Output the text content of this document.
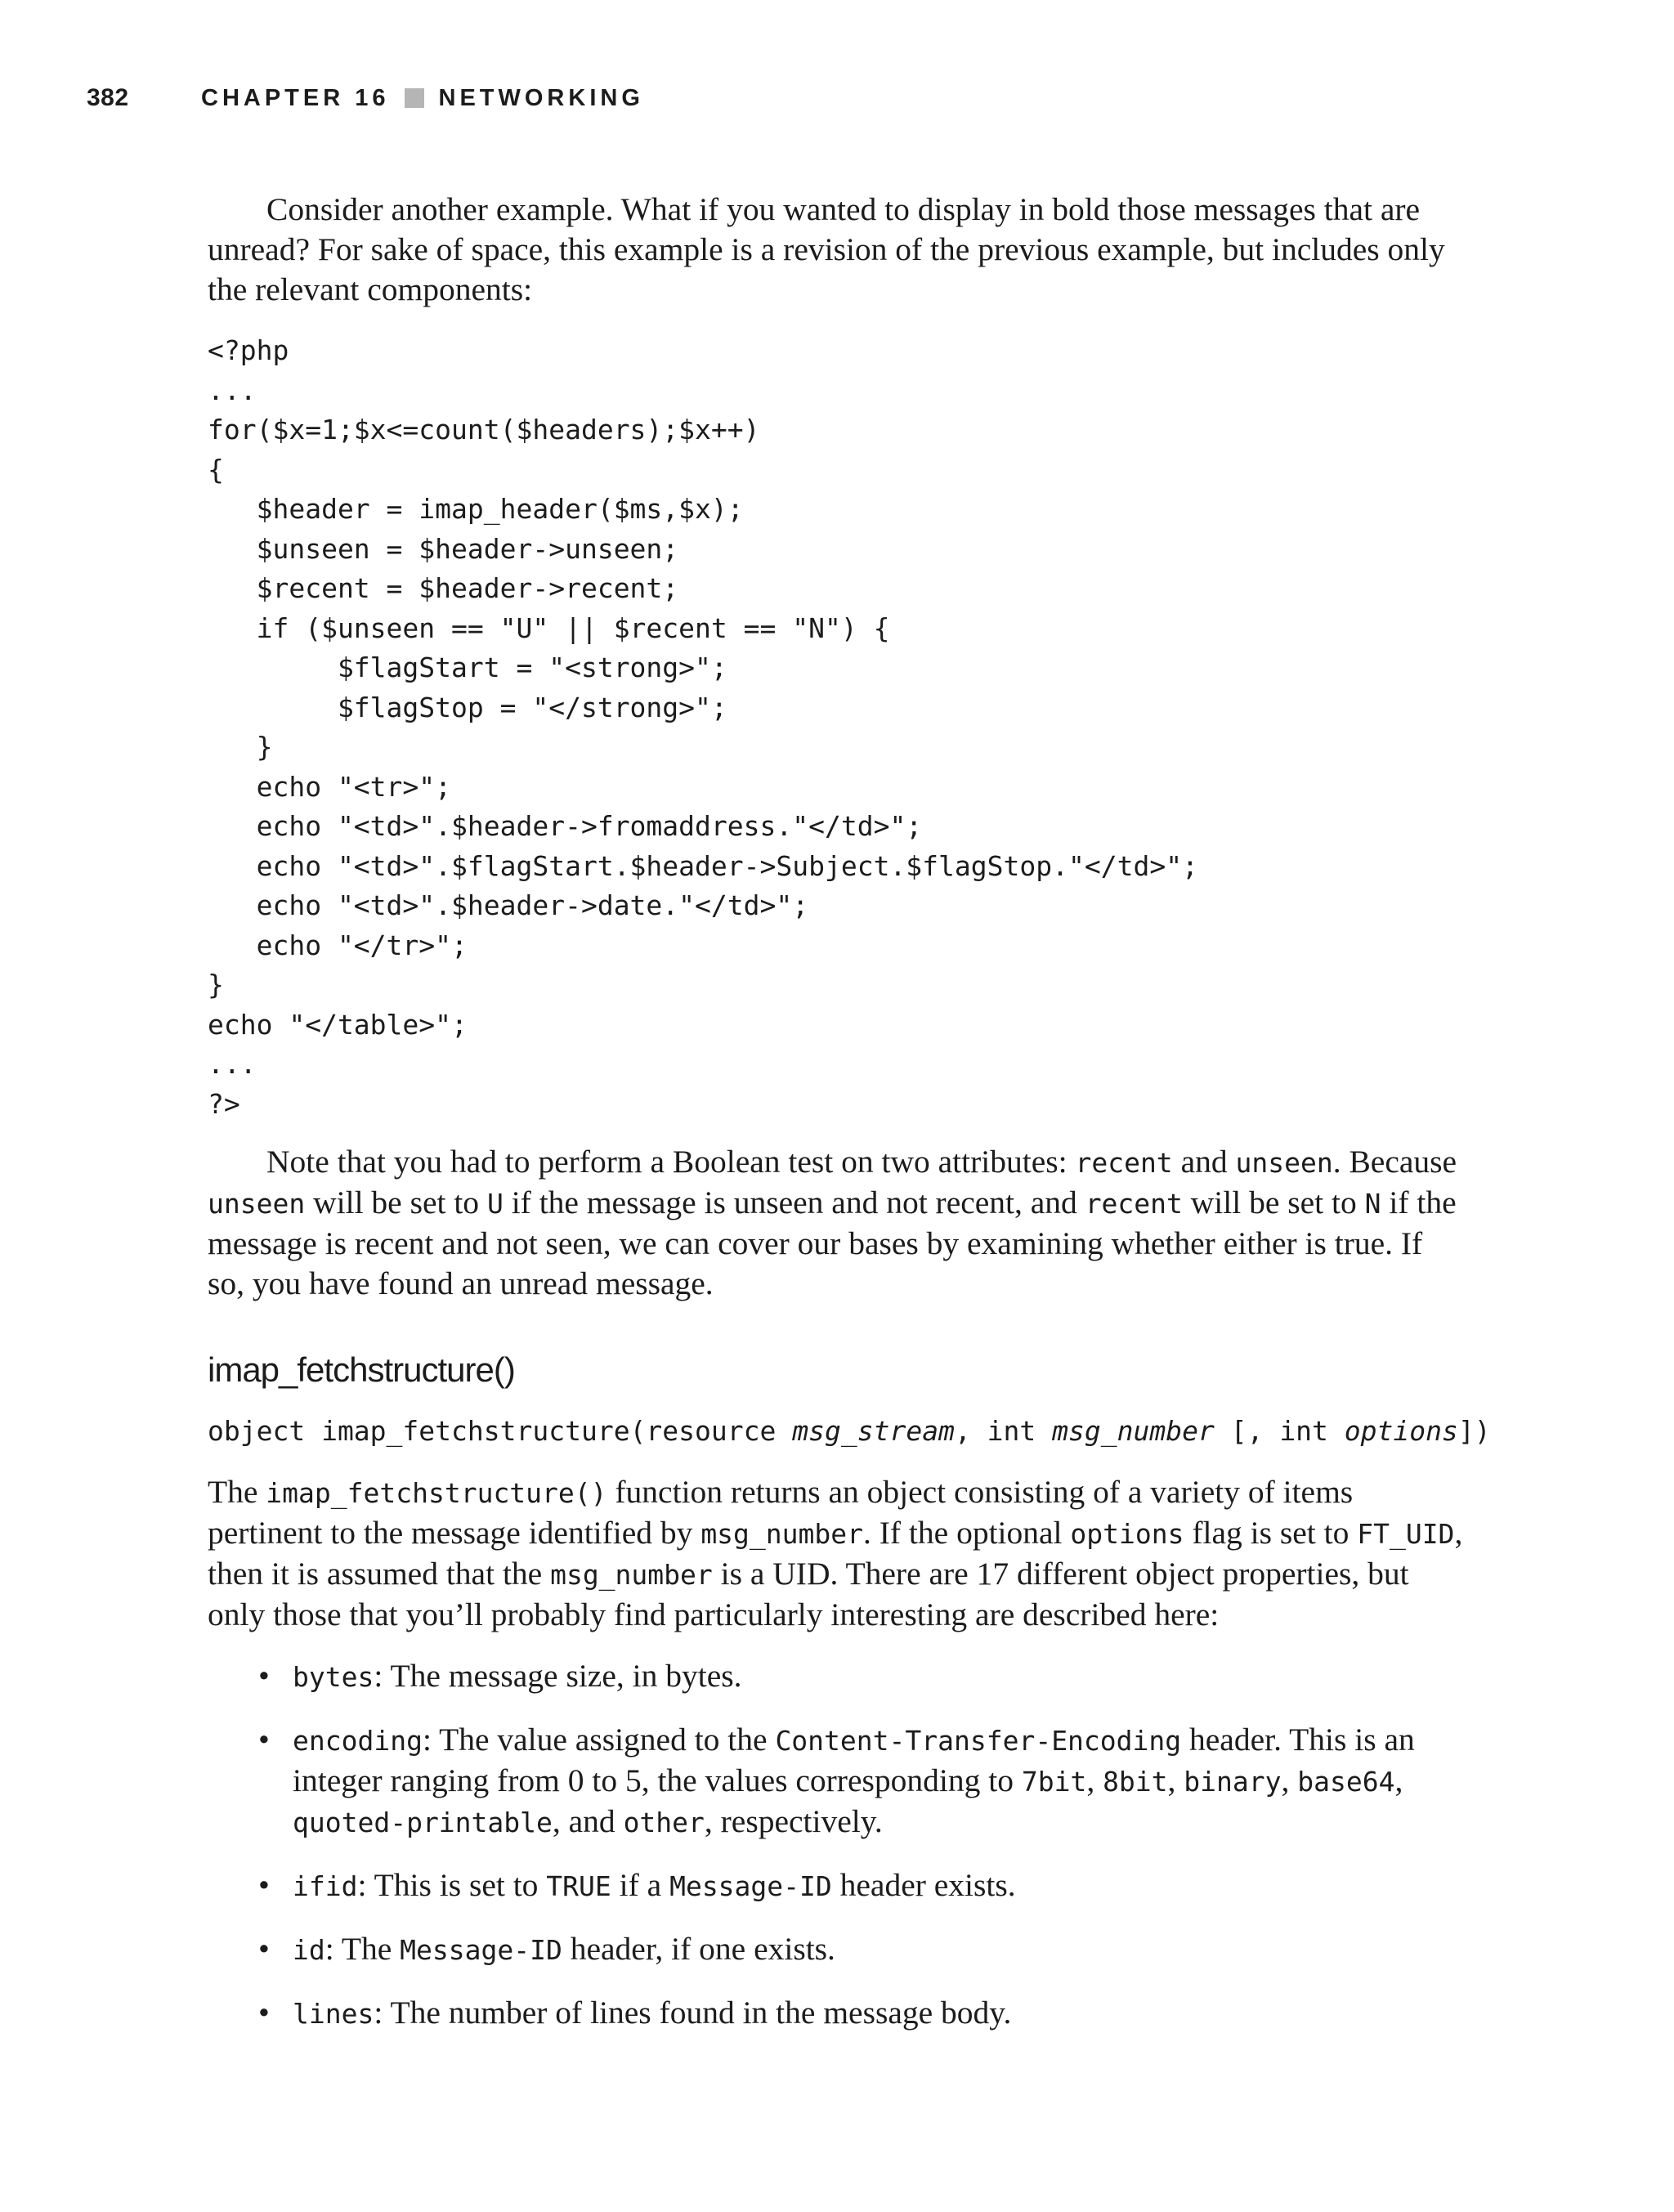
382	CHAPTER 16 NETWORKING

Consider another example. What if you wanted to display in bold those messages that are unread? For sake of space, this example is a revision of the previous example, but includes only the relevant components:

<?php
...
for($x=1;$x<=count($headers);$x++)
{
$header = imap_header($ms,$x);
$unseen = $header->unseen;
$recent = $header->recent;
if ($unseen == "U" || $recent == "N") {
$flagStart = "<strong>";
$flagStop = "</strong>";
}
echo "<tr>";
echo "<td>".$header->fromaddress."</td>";
echo "<td>".$flagStart.$header->Subject.$flagStop."</td>";
echo "<td>".$header->date."</td>";
echo "</tr>";
}
echo "</table>";
...
?>

Note that you had to perform a Boolean test on two attributes: recent and unseen. Because unseen will be set to U if the message is unseen and not recent, and recent will be set to N if the message is recent and not seen, we can cover our bases by examining whether either is true. If so, you have found an unread message.

imap_fetchstructure()
object imap_fetchstructure(resource msg_stream, int msg_number [, int options])

The imap_fetchstructure() function returns an object consisting of a variety of items pertinent to the message identified by msg_number. If the optional options flag is set to FT_UID, then it is assumed that the msg_number is a UID. There are 17 different object properties, but only those that you’ll probably find particularly interesting are described here:

• bytes: The message size, in bytes.
• encoding: The value assigned to the Content-Transfer-Encoding header. This is an integer ranging from 0 to 5, the values corresponding to 7bit, 8bit, binary, base64, quoted-printable, and other, respectively.
• ifid: This is set to TRUE if a Message-ID header exists.
• id: The Message-ID header, if one exists.
• lines: The number of lines found in the message body.
